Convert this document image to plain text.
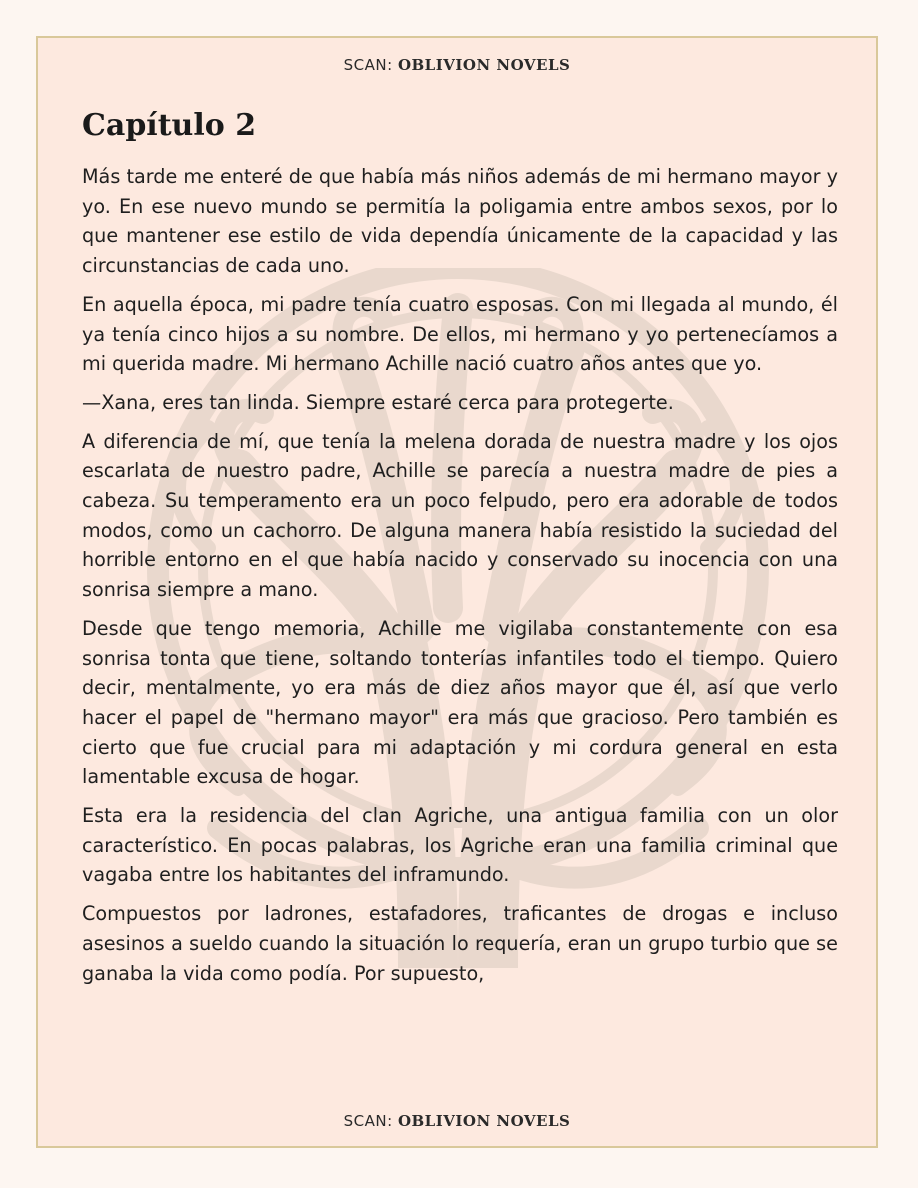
SCAN: OBLIVION NOVELS
Capítulo 2

Más tarde me enteré de que había más niños además de mi hermano mayor y yo. En ese nuevo mundo se permitía la poligamia entre ambos sexos, por lo que mantener ese estilo de vida dependía únicamente de la capacidad y las circunstancias de cada uno.

En aquella época, mi padre tenía cuatro esposas. Con mi llegada al mundo, él ya tenía cinco hijos a su nombre. De ellos, mi hermano y yo pertenecíamos a mi querida madre. Mi hermano Achille nació cuatro años antes que yo.

—Xana, eres tan linda. Siempre estaré cerca para protegerte.

A diferencia de mí, que tenía la melena dorada de nuestra madre y los ojos escarlata de nuestro padre, Achille se parecía a nuestra madre de pies a cabeza. Su temperamento era un poco felpudo, pero era adorable de todos modos, como un cachorro. De alguna manera había resistido la suciedad del horrible entorno en el que había nacido y conservado su inocencia con una sonrisa siempre a mano.

Desde que tengo memoria, Achille me vigilaba constantemente con esa sonrisa tonta que tiene, soltando tonterías infantiles todo el tiempo. Quiero decir, mentalmente, yo era más de diez años mayor que él, así que verlo hacer el papel de "hermano mayor" era más que gracioso. Pero también es cierto que fue crucial para mi adaptación y mi cordura general en esta lamentable excusa de hogar.

Esta era la residencia del clan Agriche, una antigua familia con un olor característico. En pocas palabras, los Agriche eran una familia criminal que vagaba entre los habitantes del inframundo.

Compuestos por ladrones, estafadores, traficantes de drogas e incluso asesinos a sueldo cuando la situación lo requería, eran un grupo turbio que se ganaba la vida como podía. Por supuesto,

SCAN: OBLIVION NOVELS
